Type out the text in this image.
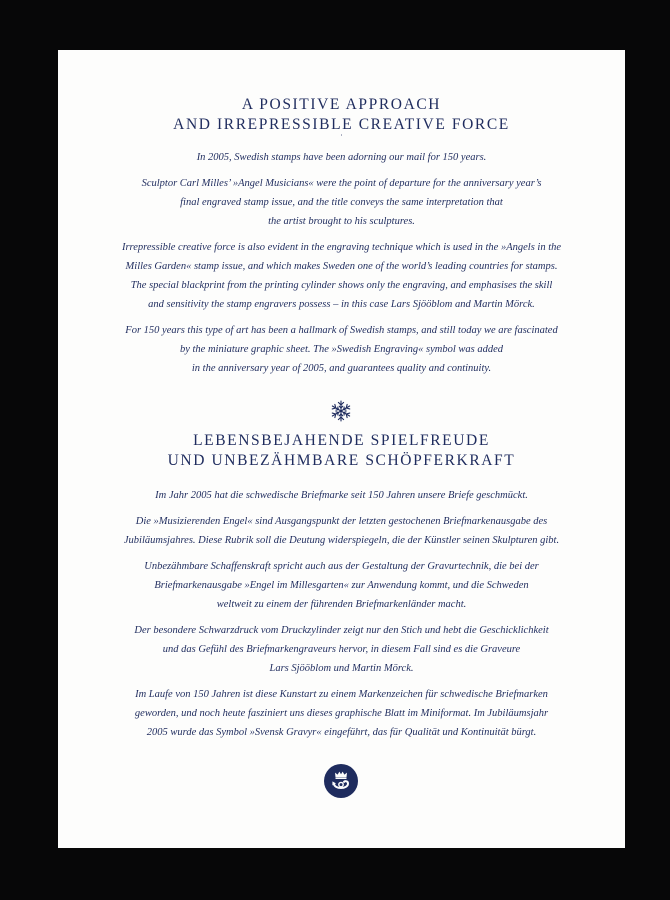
A POSITIVE APPROACH
AND IRREPRESSIBLE CREATIVE FORCE
·

In 2005, Swedish stamps have been adorning our mail for 150 years.

Sculptor Carl Milles’ »Angel Musicians« were the point of departure for the anniversary year’s
final engraved stamp issue, and the title conveys the same interpretation that
the artist brought to his sculptures.

Irrepressible creative force is also evident in the engraving technique which is used in the »Angels in the
Milles Garden« stamp issue, and which makes Sweden one of the world’s leading countries for stamps.
The special blackprint from the printing cylinder shows only the engraving, and emphasises the skill
and sensitivity the stamp engravers possess – in this case Lars Sjööblom and Martin Mörck.

For 150 years this type of art has been a hallmark of Swedish stamps, and still today we are fascinated
by the miniature graphic sheet. The »Swedish Engraving« symbol was added
in the anniversary year of 2005, and guarantees quality and continuity.

LEBENSBEJAHENDE SPIELFREUDE
UND UNBEZÄHMBARE SCHÖPFERKRAFT

Im Jahr 2005 hat die schwedische Briefmarke seit 150 Jahren unsere Briefe geschmückt.

Die »Musizierenden Engel« sind Ausgangspunkt der letzten gestochenen Briefmarkenausgabe des
Jubiläumsjahres. Diese Rubrik soll die Deutung widerspiegeln, die der Künstler seinen Skulpturen gibt.

Unbezähmbare Schaffenskraft spricht auch aus der Gestaltung der Gravurtechnik, die bei der
Briefmarkenausgabe »Engel im Millesgarten« zur Anwendung kommt, und die Schweden
weltweit zu einem der führenden Briefmarkenländer macht.

Der besondere Schwarzdruck vom Druckzylinder zeigt nur den Stich und hebt die Geschicklichkeit
und das Gefühl des Briefmarkengraveurs hervor, in diesem Fall sind es die Graveure
Lars Sjööblom und Martin Mörck.

Im Laufe von 150 Jahren ist diese Kunstart zu einem Markenzeichen für schwedische Briefmarken
geworden, und noch heute fasziniert uns dieses graphische Blatt im Miniformat. Im Jubiläumsjahr
2005 wurde das Symbol »Svensk Gravyr« eingeführt, das für Qualität und Kontinuität bürgt.
